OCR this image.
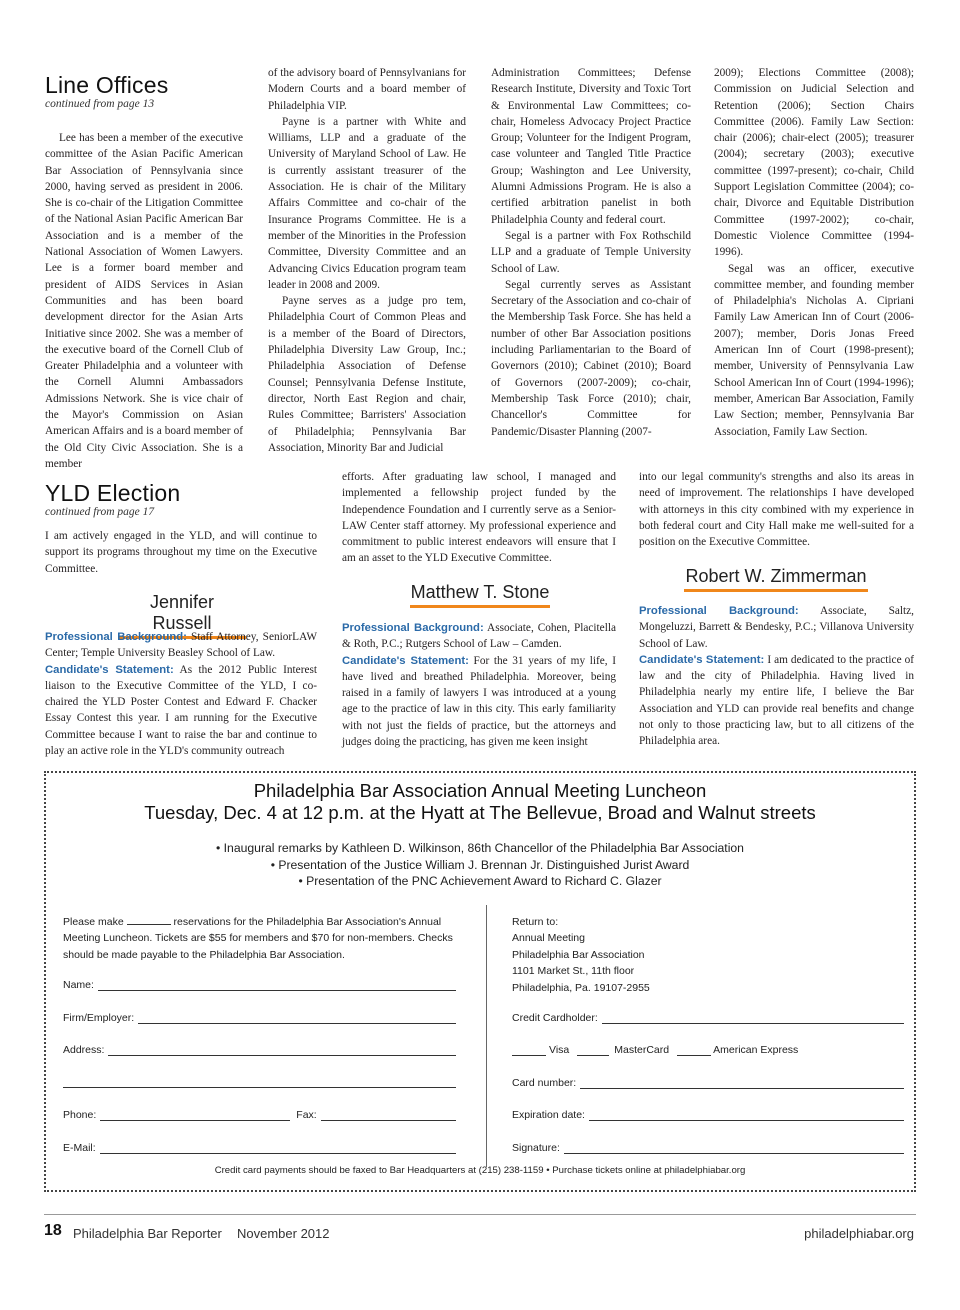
Line Offices
continued from page 13

Lee has been a member of the executive committee of the Asian Pacific American Bar Association of Pennsylvania since 2000, having served as president in 2006. She is co-chair of the Litigation Committee of the National Asian Pacific American Bar Association and is a member of the National Association of Women Lawyers. Lee is a former board member and president of AIDS Services in Asian Communities and has been board development director for the Asian Arts Initiative since 2002. She was a member of the executive board of the Cornell Club of Greater Philadelphia and a volunteer with the Cornell Alumni Ambassadors Admissions Network. She is vice chair of the Mayor's Commission on Asian American Affairs and is a board member of the Old City Civic Association. She is a member

of the advisory board of Pennsylvanians for Modern Courts and a board member of Philadelphia VIP.

Payne is a partner with White and Williams, LLP and a graduate of the University of Maryland School of Law. He is currently assistant treasurer of the Association. He is chair of the Military Affairs Committee and co-chair of the Insurance Programs Committee. He is a member of the Minorities in the Profession Committee, Diversity Committee and an Advancing Civics Education program team leader in 2008 and 2009.

Payne serves as a judge pro tem, Philadelphia Court of Common Pleas and is a member of the Board of Directors, Philadelphia Diversity Law Group, Inc.; Philadelphia Association of Defense Counsel; Pennsylvania Defense Institute, director, North East Region and chair, Rules Committee; Barristers' Association of Philadelphia; Pennsylvania Bar Association, Minority Bar and Judicial

Administration Committees; Defense Research Institute, Diversity and Toxic Tort & Environmental Law Committees; co-chair, Homeless Advocacy Project Practice Group; Volunteer for the Indigent Program, case volunteer and Tangled Title Practice Group; Washington and Lee University, Alumni Admissions Program. He is also a certified arbitration panelist in both Philadelphia County and federal court.

Segal is a partner with Fox Rothschild LLP and a graduate of Temple University School of Law.

Segal currently serves as Assistant Secretary of the Association and co-chair of the Membership Task Force. She has held a number of other Bar Association positions including Parliamentarian to the Board of Governors (2010); Cabinet (2010); Board of Governors (2007-2009); co-chair, Membership Task Force (2010); chair, Chancellor's Committee for Pandemic/Disaster Planning (2007-

2009); Elections Committee (2008); Commission on Judicial Selection and Retention (2006); Section Chairs Committee (2006). Family Law Section: chair (2006); chair-elect (2005); treasurer (2004); secretary (2003); executive committee (1997-present); co-chair, Child Support Legislation Committee (2004); co-chair, Divorce and Equitable Distribution Committee (1997-2002); co-chair, Domestic Violence Committee (1994-1996).

Segal was an officer, executive committee member, and founding member of Philadelphia's Nicholas A. Cipriani Family Law American Inn of Court (2006-2007); member, Doris Jonas Freed American Inn of Court (1998-present); member, University of Pennsylvania Law School American Inn of Court (1994-1996); member, American Bar Association, Family Law Section; member, Pennsylvania Bar Association, Family Law Section.

YLD Election
continued from page 17

I am actively engaged in the YLD, and will continue to support its programs throughout my time on the Executive Committee.

Jennifer Russell

Professional Background: Staff Attorney, SeniorLAW Center; Temple University Beasley School of Law.

Candidate's Statement: As the 2012 Public Interest liaison to the Executive Committee of the YLD, I co-chaired the YLD Poster Contest and Edward F. Chacker Essay Contest this year. I am running for the Executive Committee because I want to raise the bar and continue to play an active role in the YLD's community outreach

efforts. After graduating law school, I managed and implemented a fellowship project funded by the Independence Foundation and I currently serve as a Senior-LAW Center staff attorney. My professional experience and commitment to public interest endeavors will ensure that I am an asset to the YLD Executive Committee.

Matthew T. Stone

Professional Background: Associate, Cohen, Placitella & Roth, P.C.; Rutgers School of Law – Camden.

Candidate's Statement: For the 31 years of my life, I have lived and breathed Philadelphia. Moreover, being raised in a family of lawyers I was introduced at a young age to the practice of law in this city. This early familiarity with not just the fields of practice, but the attorneys and judges doing the practicing, has given me keen insight

into our legal community's strengths and also its areas in need of improvement. The relationships I have developed with attorneys in this city combined with my experience in both federal court and City Hall make me well-suited for a position on the Executive Committee.

Robert W. Zimmerman

Professional Background: Associate, Saltz, Mongeluzzi, Barrett & Bendesky, P.C.; Villanova University School of Law.

Candidate's Statement: I am dedicated to the practice of law and the city of Philadelphia. Having lived in Philadelphia nearly my entire life, I believe the Bar Association and YLD can provide real benefits and change not only to those practicing law, but to all citizens of the Philadelphia area.

Philadelphia Bar Association Annual Meeting Luncheon
Tuesday, Dec. 4 at 12 p.m. at the Hyatt at The Bellevue, Broad and Walnut streets
• Inaugural remarks by Kathleen D. Wilkinson, 86th Chancellor of the Philadelphia Bar Association
• Presentation of the Justice William J. Brennan Jr. Distinguished Jurist Award
• Presentation of the PNC Achievement Award to Richard C. Glazer
Please make	reservations for the Philadelphia Bar Association's Annual
Meeting Luncheon. Tickets are $55 for members and $70 for non-members. Checks
should be made payable to the Philadelphia Bar Association.
Name:
Firm/Employer:
Address:
Phone:	Fax:
E-Mail:
Return to:
Annual Meeting
Philadelphia Bar Association
1101 Market St., 11th floor
Philadelphia, Pa. 19107-2955
Credit Cardholder:
Visa	MasterCard	American Express
Card number:
Expiration date:
Signature:
Credit card payments should be faxed to Bar Headquarters at (215) 238-1159 • Purchase tickets online at philadelphiabar.org
18 Philadelphia Bar Reporter November 2012	philadelphiabar.org
